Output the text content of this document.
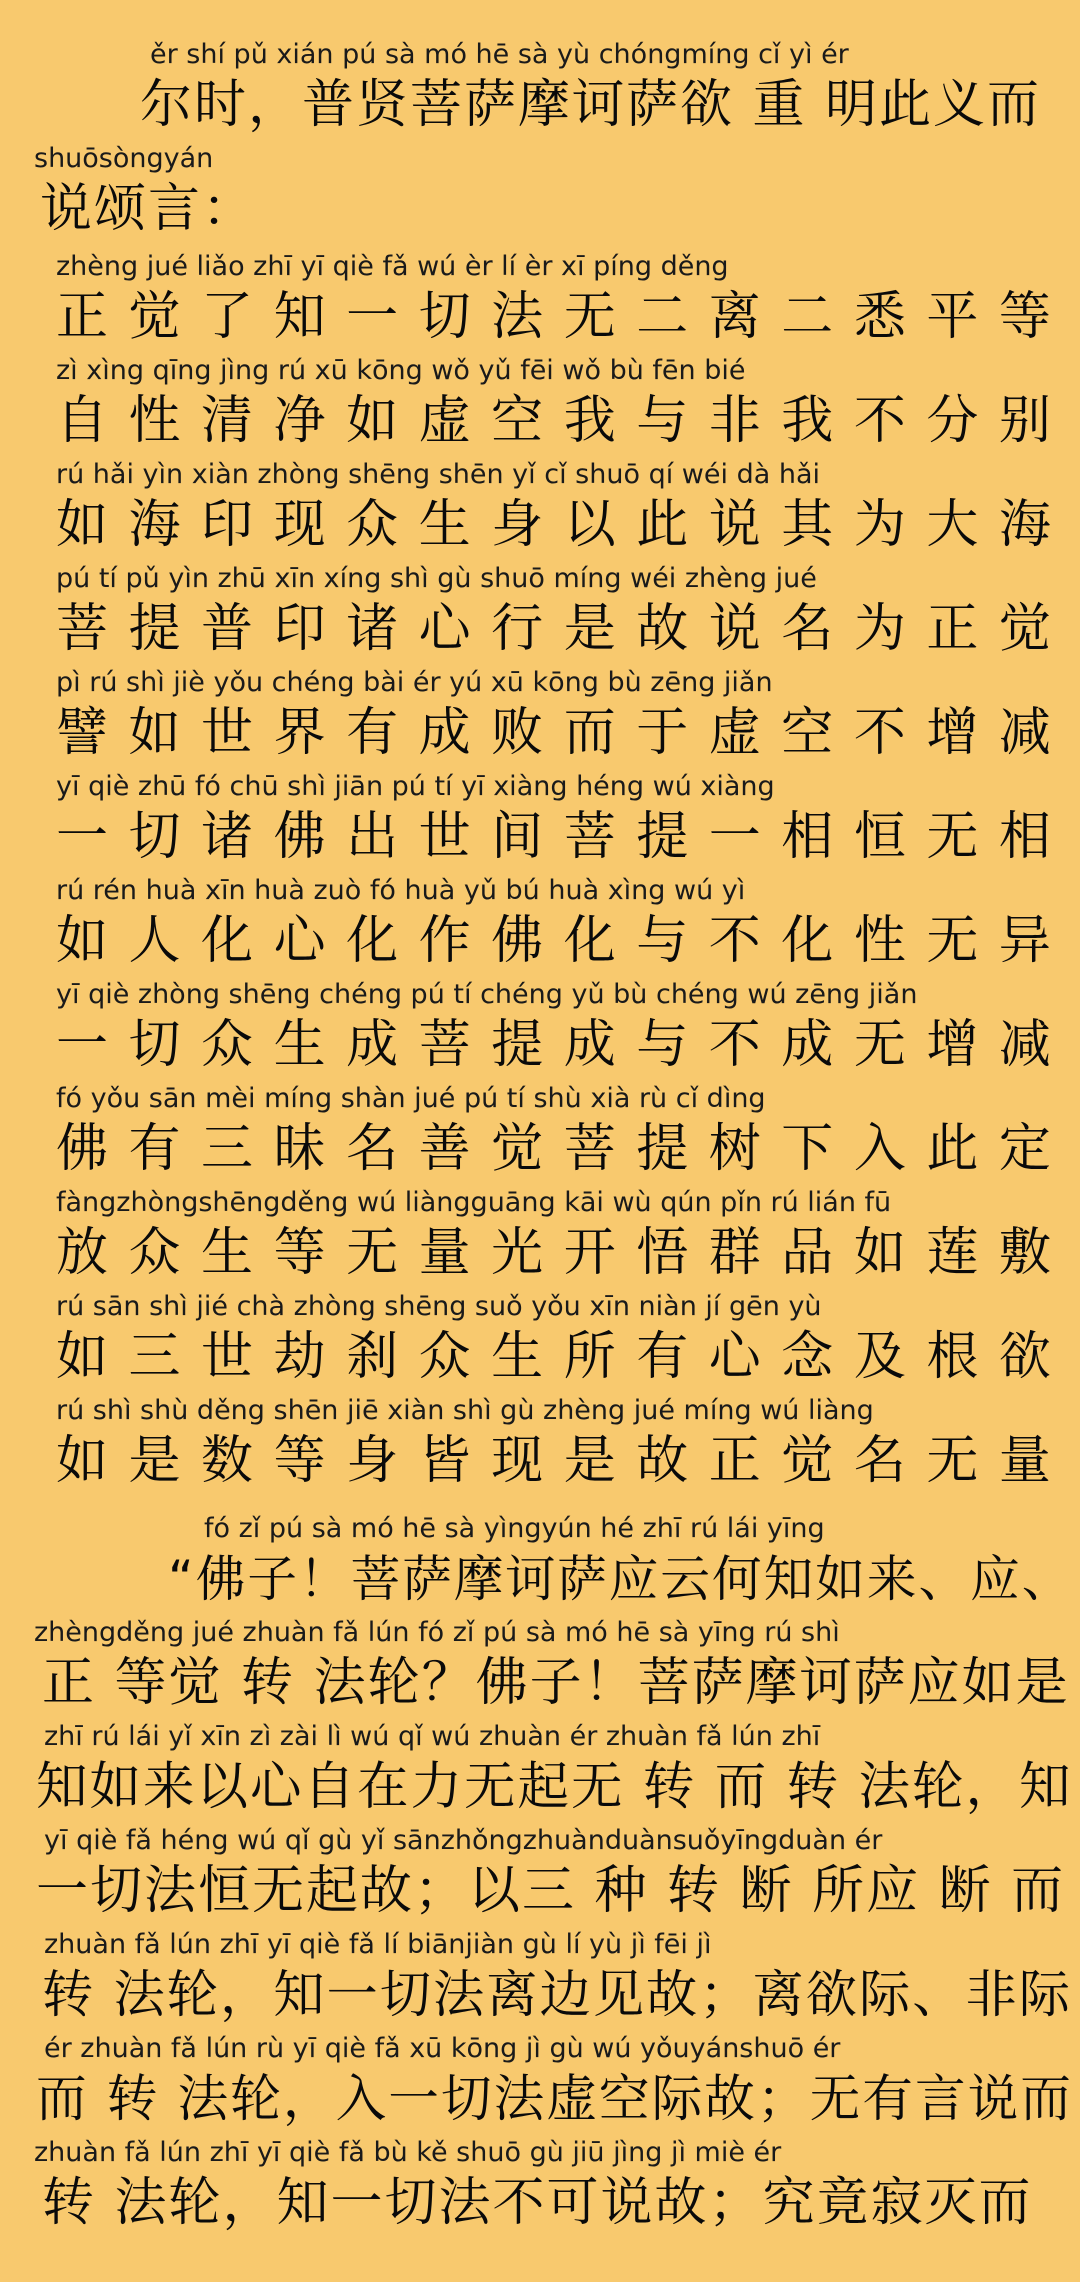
ěr shí pǔ xián pú sà mó hē sà yù chóngmíng cǐ yì ér
尔时，普贤菩萨摩诃萨欲 重 明此义而
shuōsòngyán
说颂言：
zhèng jué liǎo zhī yī qiè fǎ wú èr lí èr xī píng děng
正 觉 了 知 一 切 法 无 二 离 二 悉 平 等
zì xìng qīng jìng rú xū kōng wǒ yǔ fēi wǒ bù fēn bié
自 性 清 净 如 虚 空 我 与 非 我 不 分 别
rú hǎi yìn xiàn zhòng shēng shēn yǐ cǐ shuō qí wéi dà hǎi
如 海 印 现 众 生 身 以 此 说 其 为 大 海
pú tí pǔ yìn zhū xīn xíng shì gù shuō míng wéi zhèng jué
菩 提 普 印 诸 心 行 是 故 说 名 为 正 觉
pì rú shì jiè yǒu chéng bài ér yú xū kōng bù zēng jiǎn
譬 如 世 界 有 成 败 而 于 虚 空 不 增 减
yī qiè zhū fó chū shì jiān pú tí yī xiàng héng wú xiàng
一 切 诸 佛 出 世 间 菩 提 一 相 恒 无 相
rú rén huà xīn huà zuò fó huà yǔ bú huà xìng wú yì
如 人 化 心 化 作 佛 化 与 不 化 性 无 异
yī qiè zhòng shēng chéng pú tí chéng yǔ bù chéng wú zēng jiǎn
一 切 众 生 成 菩 提 成 与 不 成 无 增 减
fó yǒu sān mèi míng shàn jué pú tí shù xià rù cǐ dìng
佛 有 三 昧 名 善 觉 菩 提 树 下 入 此 定
fàngzhòngshēngděng wú liàngguāng kāi wù qún pǐn rú lián fū
放 众 生 等 无 量 光 开 悟 群 品 如 莲 敷
rú sān shì jié chà zhòng shēng suǒ yǒu xīn niàn jí gēn yù
如 三 世 劫 刹 众 生 所 有 心 念 及 根 欲
rú shì shù děng shēn jiē xiàn shì gù zhèng jué míng wú liàng
如 是 数 等 身 皆 现 是 故 正 觉 名 无 量
fó zǐ pú sà mó hē sà yìngyún hé zhī rú lái yīng
“佛子！菩萨摩诃萨应云何知如来、应、
zhèngděng jué zhuàn fǎ lún fó zǐ pú sà mó hē sà yīng rú shì
正 等觉 转 法轮？佛子！菩萨摩诃萨应如是
zhī rú lái yǐ xīn zì zài lì wú qǐ wú zhuàn ér zhuàn fǎ lún zhī
知如来以心自在力无起无 转 而 转 法轮，知
yī qiè fǎ héng wú qǐ gù yǐ sānzhǒngzhuànduànsuǒyīngduàn ér
一切法恒无起故；以三 种 转 断 所应 断 而
zhuàn fǎ lún zhī yī qiè fǎ lí biānjiàn gù lí yù jì fēi jì
转 法轮，知一切法离边见故；离欲际、非际
ér zhuàn fǎ lún rù yī qiè fǎ xū kōng jì gù wú yǒuyánshuō ér
而 转 法轮，入一切法虚空际故；无有言说而
zhuàn fǎ lún zhī yī qiè fǎ bù kě shuō gù jiū jìng jì miè ér
转 法轮，知一切法不可说故；究竟寂灭而
